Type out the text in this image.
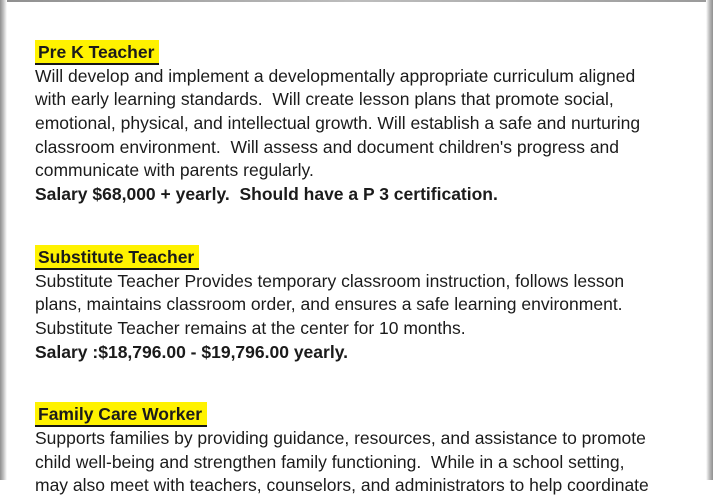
Pre K Teacher
Will develop and implement a developmentally appropriate curriculum aligned
with early learning standards.  Will create lesson plans that promote social,
emotional, physical, and intellectual growth. Will establish a safe and nurturing
classroom environment.  Will assess and document children's progress and
communicate with parents regularly.
Salary $68,000 + yearly.  Should have a P 3 certification.
Substitute Teacher
Substitute Teacher Provides temporary classroom instruction, follows lesson
plans, maintains classroom order, and ensures a safe learning environment.
Substitute Teacher remains at the center for 10 months.
Salary :$18,796.00 - $19,796.00 yearly.
Family Care Worker
Supports families by providing guidance, resources, and assistance to promote
child well-being and strengthen family functioning.  While in a school setting,
may also meet with teachers, counselors, and administrators to help coordinate
